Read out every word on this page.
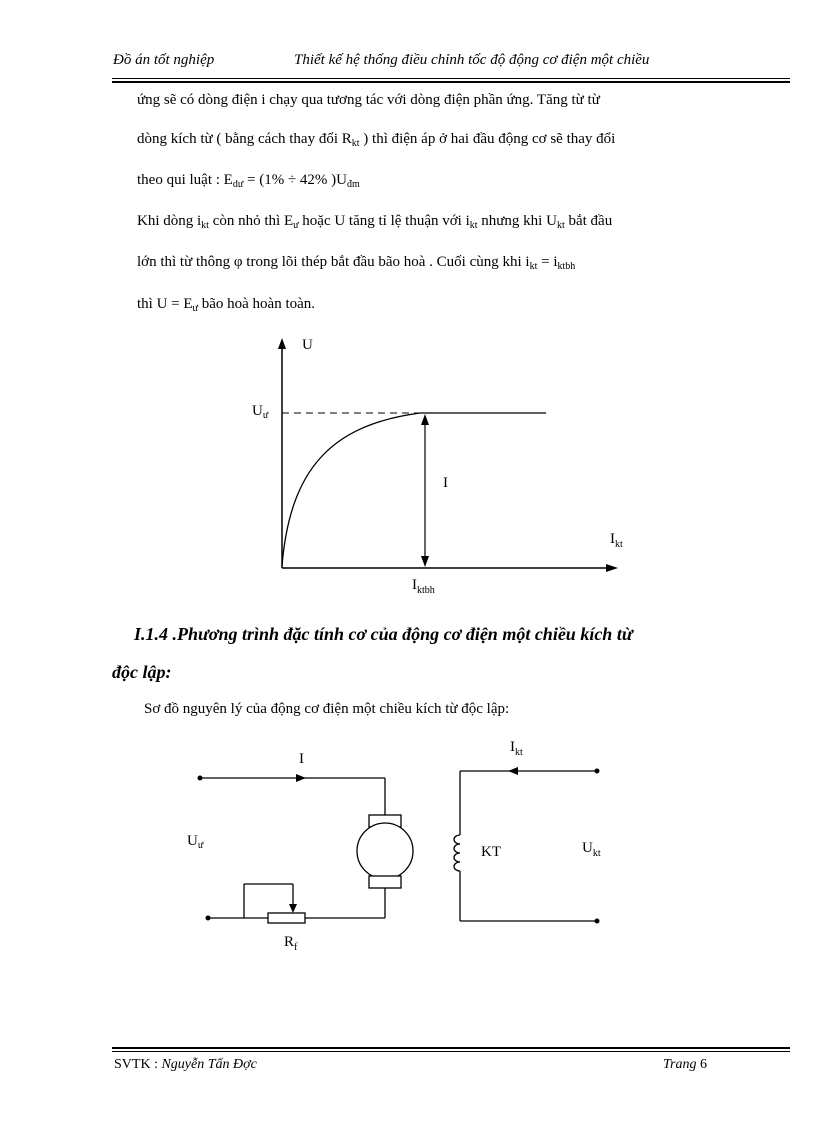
Đồ án tốt nghiệp	Thiết kế hệ thống điều chỉnh tốc độ động cơ điện một chiều
ứng sẽ có dòng điện i chạy qua tương tác với dòng điện phần ứng. Tăng từ từ
dòng kích từ ( bằng cách thay đổi $R_{kt}$ ) thì điện áp ở hai đầu động cơ sẽ thay đổi
theo qui luật : $E_{dư} = (1\% \div 42\%$ )$U_{đm}$
Khi dòng $i_{kt}$ còn nhỏ thì $E_ư$ hoặc U tăng tỉ lệ thuận với $i_{kt}$ nhưng khi $U_{kt}$ bắt đầu
lớn thì từ thông φ trong lõi thép bắt đầu bão hoà . Cuối cùng khi $i_{kt} = i_{ktbh}$
thì $U = E_ư$ bão hoà hoàn toàn.
U
$U_ư$
I
$I_{kt}$
$I_{ktbh}$
I.1.4 .Phương trình đặc tính cơ của động cơ điện một chiều kích từ
độc lập:
Sơ đồ nguyên lý của động cơ điện một chiều kích từ độc lập:
I
$I_{kt}$
$U_ư$	KT	$U_{kt}$
$R_f$
SVTK : Nguyễn Tấn Đợc	Trang 6
